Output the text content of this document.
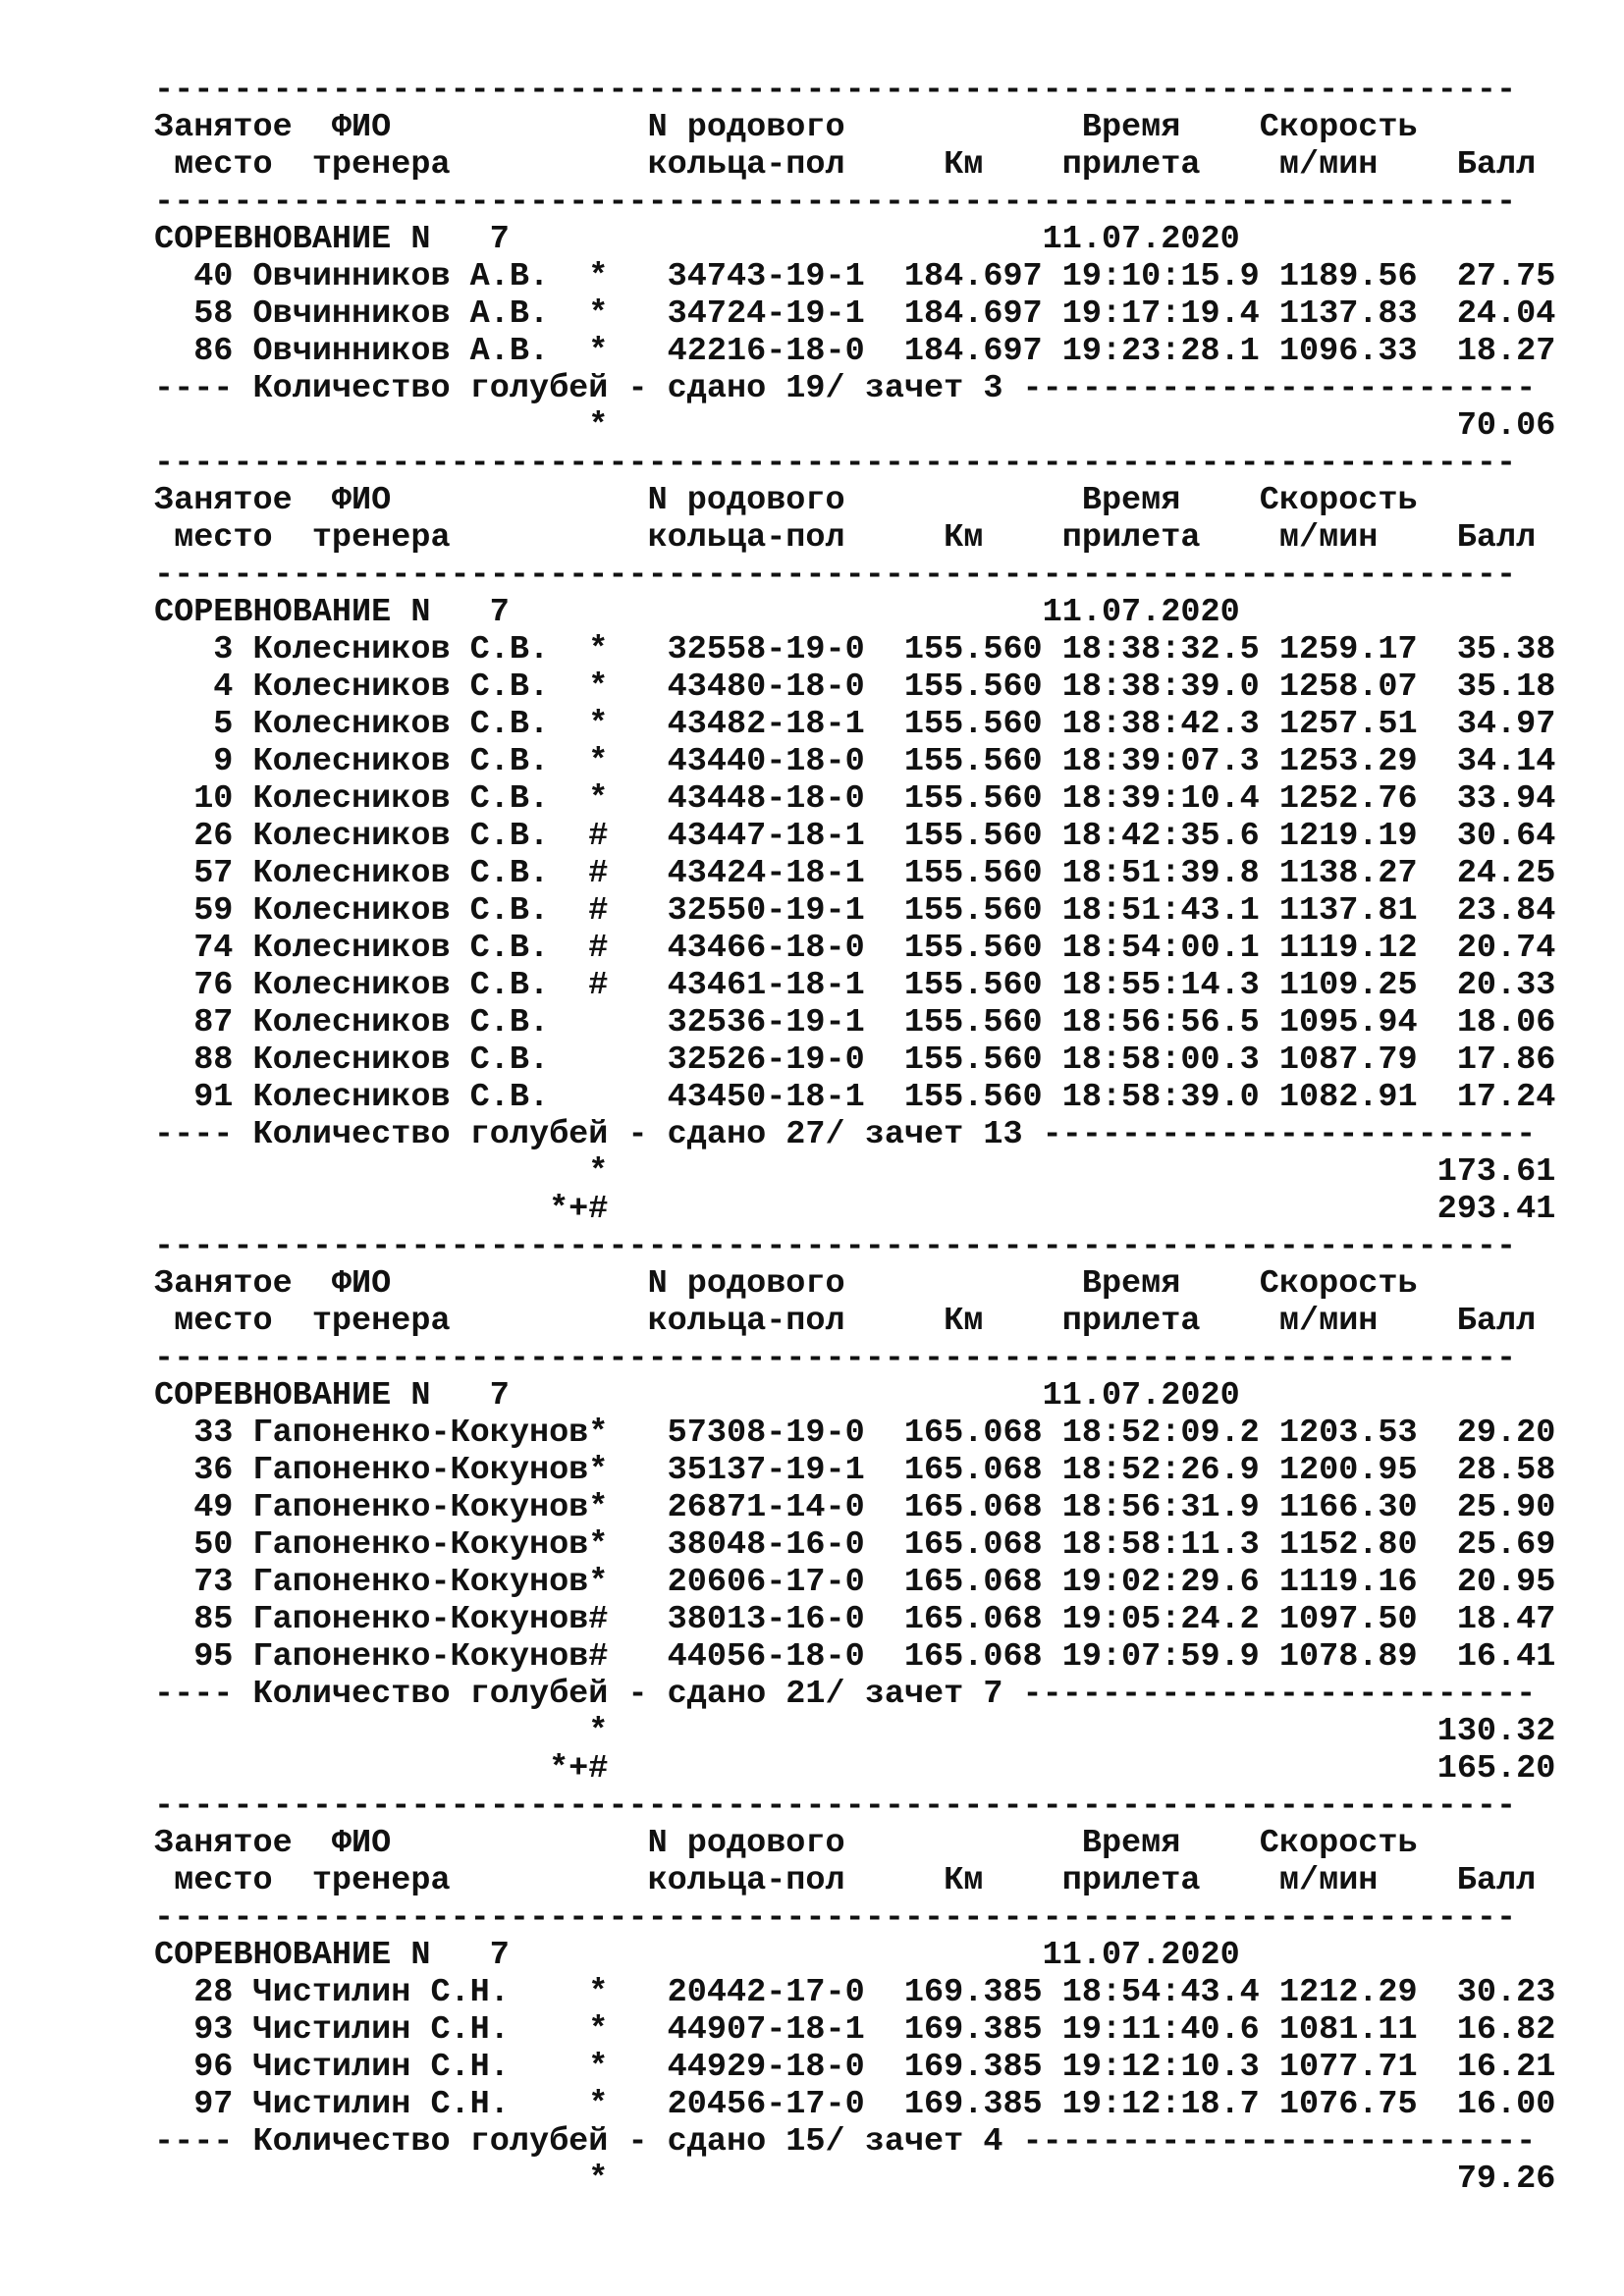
---------------------------------------------------------------------
Занятое  ФИО             N родового            Время    Скорость
место  тренера          кольца-пол     Км    прилета    м/мин    Балл
---------------------------------------------------------------------
СОРЕВНОВАНИЕ N   7                           11.07.2020
40 Овчинников А.В.  *   34743-19-1  184.697 19:10:15.9 1189.56  27.75
58 Овчинников А.В.  *   34724-19-1  184.697 19:17:19.4 1137.83  24.04
86 Овчинников А.В.  *   42216-18-0  184.697 19:23:28.1 1096.33  18.27
---- Количество голубей - сдано 19/ зачет 3 --------------------------
*                                           70.06
---------------------------------------------------------------------
Занятое  ФИО             N родового            Время    Скорость
место  тренера          кольца-пол     Км    прилета    м/мин    Балл
---------------------------------------------------------------------
СОРЕВНОВАНИЕ N   7                           11.07.2020
3 Колесников С.В.  *   32558-19-0  155.560 18:38:32.5 1259.17  35.38
4 Колесников С.В.  *   43480-18-0  155.560 18:38:39.0 1258.07  35.18
5 Колесников С.В.  *   43482-18-1  155.560 18:38:42.3 1257.51  34.97
9 Колесников С.В.  *   43440-18-0  155.560 18:39:07.3 1253.29  34.14
10 Колесников С.В.  *   43448-18-0  155.560 18:39:10.4 1252.76  33.94
26 Колесников С.В.  #   43447-18-1  155.560 18:42:35.6 1219.19  30.64
57 Колесников С.В.  #   43424-18-1  155.560 18:51:39.8 1138.27  24.25
59 Колесников С.В.  #   32550-19-1  155.560 18:51:43.1 1137.81  23.84
74 Колесников С.В.  #   43466-18-0  155.560 18:54:00.1 1119.12  20.74
76 Колесников С.В.  #   43461-18-1  155.560 18:55:14.3 1109.25  20.33
87 Колесников С.В.      32536-19-1  155.560 18:56:56.5 1095.94  18.06
88 Колесников С.В.      32526-19-0  155.560 18:58:00.3 1087.79  17.86
91 Колесников С.В.      43450-18-1  155.560 18:58:39.0 1082.91  17.24
---- Количество голубей - сдано 27/ зачет 13 -------------------------
*                                          173.61
*+#                                          293.41
---------------------------------------------------------------------
Занятое  ФИО             N родового            Время    Скорость
место  тренера          кольца-пол     Км    прилета    м/мин    Балл
---------------------------------------------------------------------
СОРЕВНОВАНИЕ N   7                           11.07.2020
33 Гапоненко-Кокунов*   57308-19-0  165.068 18:52:09.2 1203.53  29.20
36 Гапоненко-Кокунов*   35137-19-1  165.068 18:52:26.9 1200.95  28.58
49 Гапоненко-Кокунов*   26871-14-0  165.068 18:56:31.9 1166.30  25.90
50 Гапоненко-Кокунов*   38048-16-0  165.068 18:58:11.3 1152.80  25.69
73 Гапоненко-Кокунов*   20606-17-0  165.068 19:02:29.6 1119.16  20.95
85 Гапоненко-Кокунов#   38013-16-0  165.068 19:05:24.2 1097.50  18.47
95 Гапоненко-Кокунов#   44056-18-0  165.068 19:07:59.9 1078.89  16.41
---- Количество голубей - сдано 21/ зачет 7 --------------------------
*                                          130.32
*+#                                          165.20
---------------------------------------------------------------------
Занятое  ФИО             N родового            Время    Скорость
место  тренера          кольца-пол     Км    прилета    м/мин    Балл
---------------------------------------------------------------------
СОРЕВНОВАНИЕ N   7                           11.07.2020
28 Чистилин С.Н.    *   20442-17-0  169.385 18:54:43.4 1212.29  30.23
93 Чистилин С.Н.    *   44907-18-1  169.385 19:11:40.6 1081.11  16.82
96 Чистилин С.Н.    *   44929-18-0  169.385 19:12:10.3 1077.71  16.21
97 Чистилин С.Н.    *   20456-17-0  169.385 19:12:18.7 1076.75  16.00
---- Количество голубей - сдано 15/ зачет 4 --------------------------
*                                           79.26
